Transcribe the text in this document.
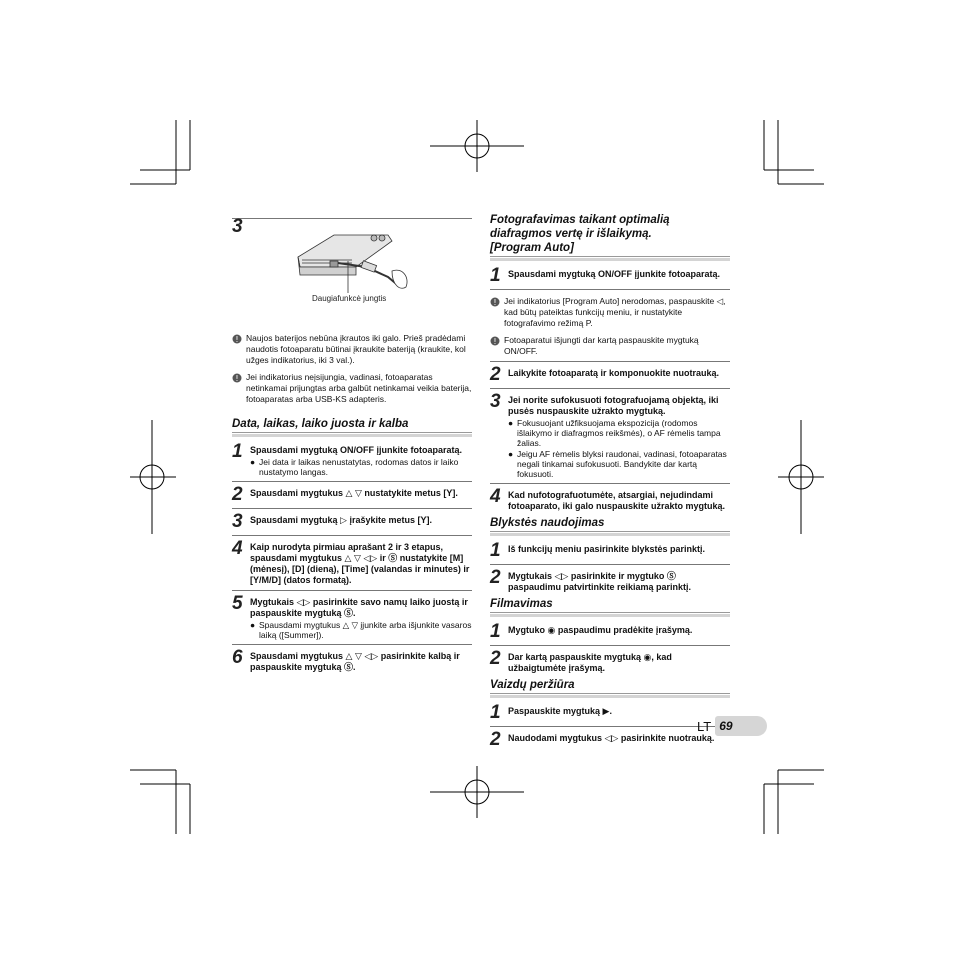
3
Daugiafunkcė jungtis
! Naujos baterijos nebūna įkrautos iki galo. Prieš pradėdami naudotis fotoaparatu būtinai įkraukite bateriją (kraukite, kol užges indikatorius, iki 3 val.).
! Jei indikatorius neįsijungia, vadinasi, fotoaparatas netinkamai prijungtas arba galbūt netinkamai veikia baterija, fotoaparatas arba USB-KS adapteris.
Data, laikas, laiko juosta ir kalba
1 Spausdami mygtuką ON/OFF įjunkite fotoaparatą.
● Jei data ir laikas nenustatytas, rodomas datos ir laiko nustatymo langas.
2 Spausdami mygtukus △ ▽ nustatykite metus [Y].
3 Spausdami mygtuką ▷ įrašykite metus [Y].
4 Kaip nurodyta pirmiau aprašant 2 ir 3 etapus, spausdami mygtukus △ ▽ ◁▷ ir Ⓢ nustatykite [M] (mėnesį), [D] (dieną), [Time] (valandas ir minutes) ir [Y/M/D] (datos formatą).
5 Mygtukais ◁▷ pasirinkite savo namų laiko juostą ir paspauskite mygtuką Ⓢ.
● Spausdami mygtukus △ ▽ įjunkite arba išjunkite vasaros laiką ([Summer]).
6 Spausdami mygtukus △ ▽ ◁▷ pasirinkite kalbą ir paspauskite mygtuką Ⓢ.
Fotografavimas taikant optimalią
diafragmos vertę ir išlaikymą.
[Program Auto]
1 Spausdami mygtuką ON/OFF įjunkite fotoaparatą.
! Jei indikatorius [Program Auto] nerodomas, paspauskite ◁, kad būtų pateiktas funkcijų meniu, ir nustatykite fotografavimo režimą P.
! Fotoaparatui išjungti dar kartą paspauskite mygtuką ON/OFF.
2 Laikykite fotoaparatą ir komponuokite nuotrauką.
3 Jei norite sufokusuoti fotografuojamą objektą, iki pusės nuspauskite užrakto mygtuką.
● Fokusuojant užfiksuojama ekspozicija (rodomos išlaikymo ir diafragmos reikšmės), o AF rėmelis tampa žalias.
● Jeigu AF rėmelis blyksi raudonai, vadinasi, fotoaparatas negali tinkamai sufokusuoti. Bandykite dar kartą fokusuoti.
4 Kad nufotografuotumėte, atsargiai, nejudindami fotoaparato, iki galo nuspauskite užrakto mygtuką.
Blykstės naudojimas
1 Iš funkcijų meniu pasirinkite blykstės parinktį.
2 Mygtukais ◁▷ pasirinkite ir mygtuko Ⓢ paspaudimu patvirtinkite reikiamą parinktį.
Filmavimas
1 Mygtuko ◉ paspaudimu pradėkite įrašymą.
2 Dar kartą paspauskite mygtuką ◉, kad užbaigtumėte įrašymą.
Vaizdų peržiūra
1 Paspauskite mygtuką ▶.
2 Naudodami mygtukus ◁▷ pasirinkite nuotrauką.
LT 69
